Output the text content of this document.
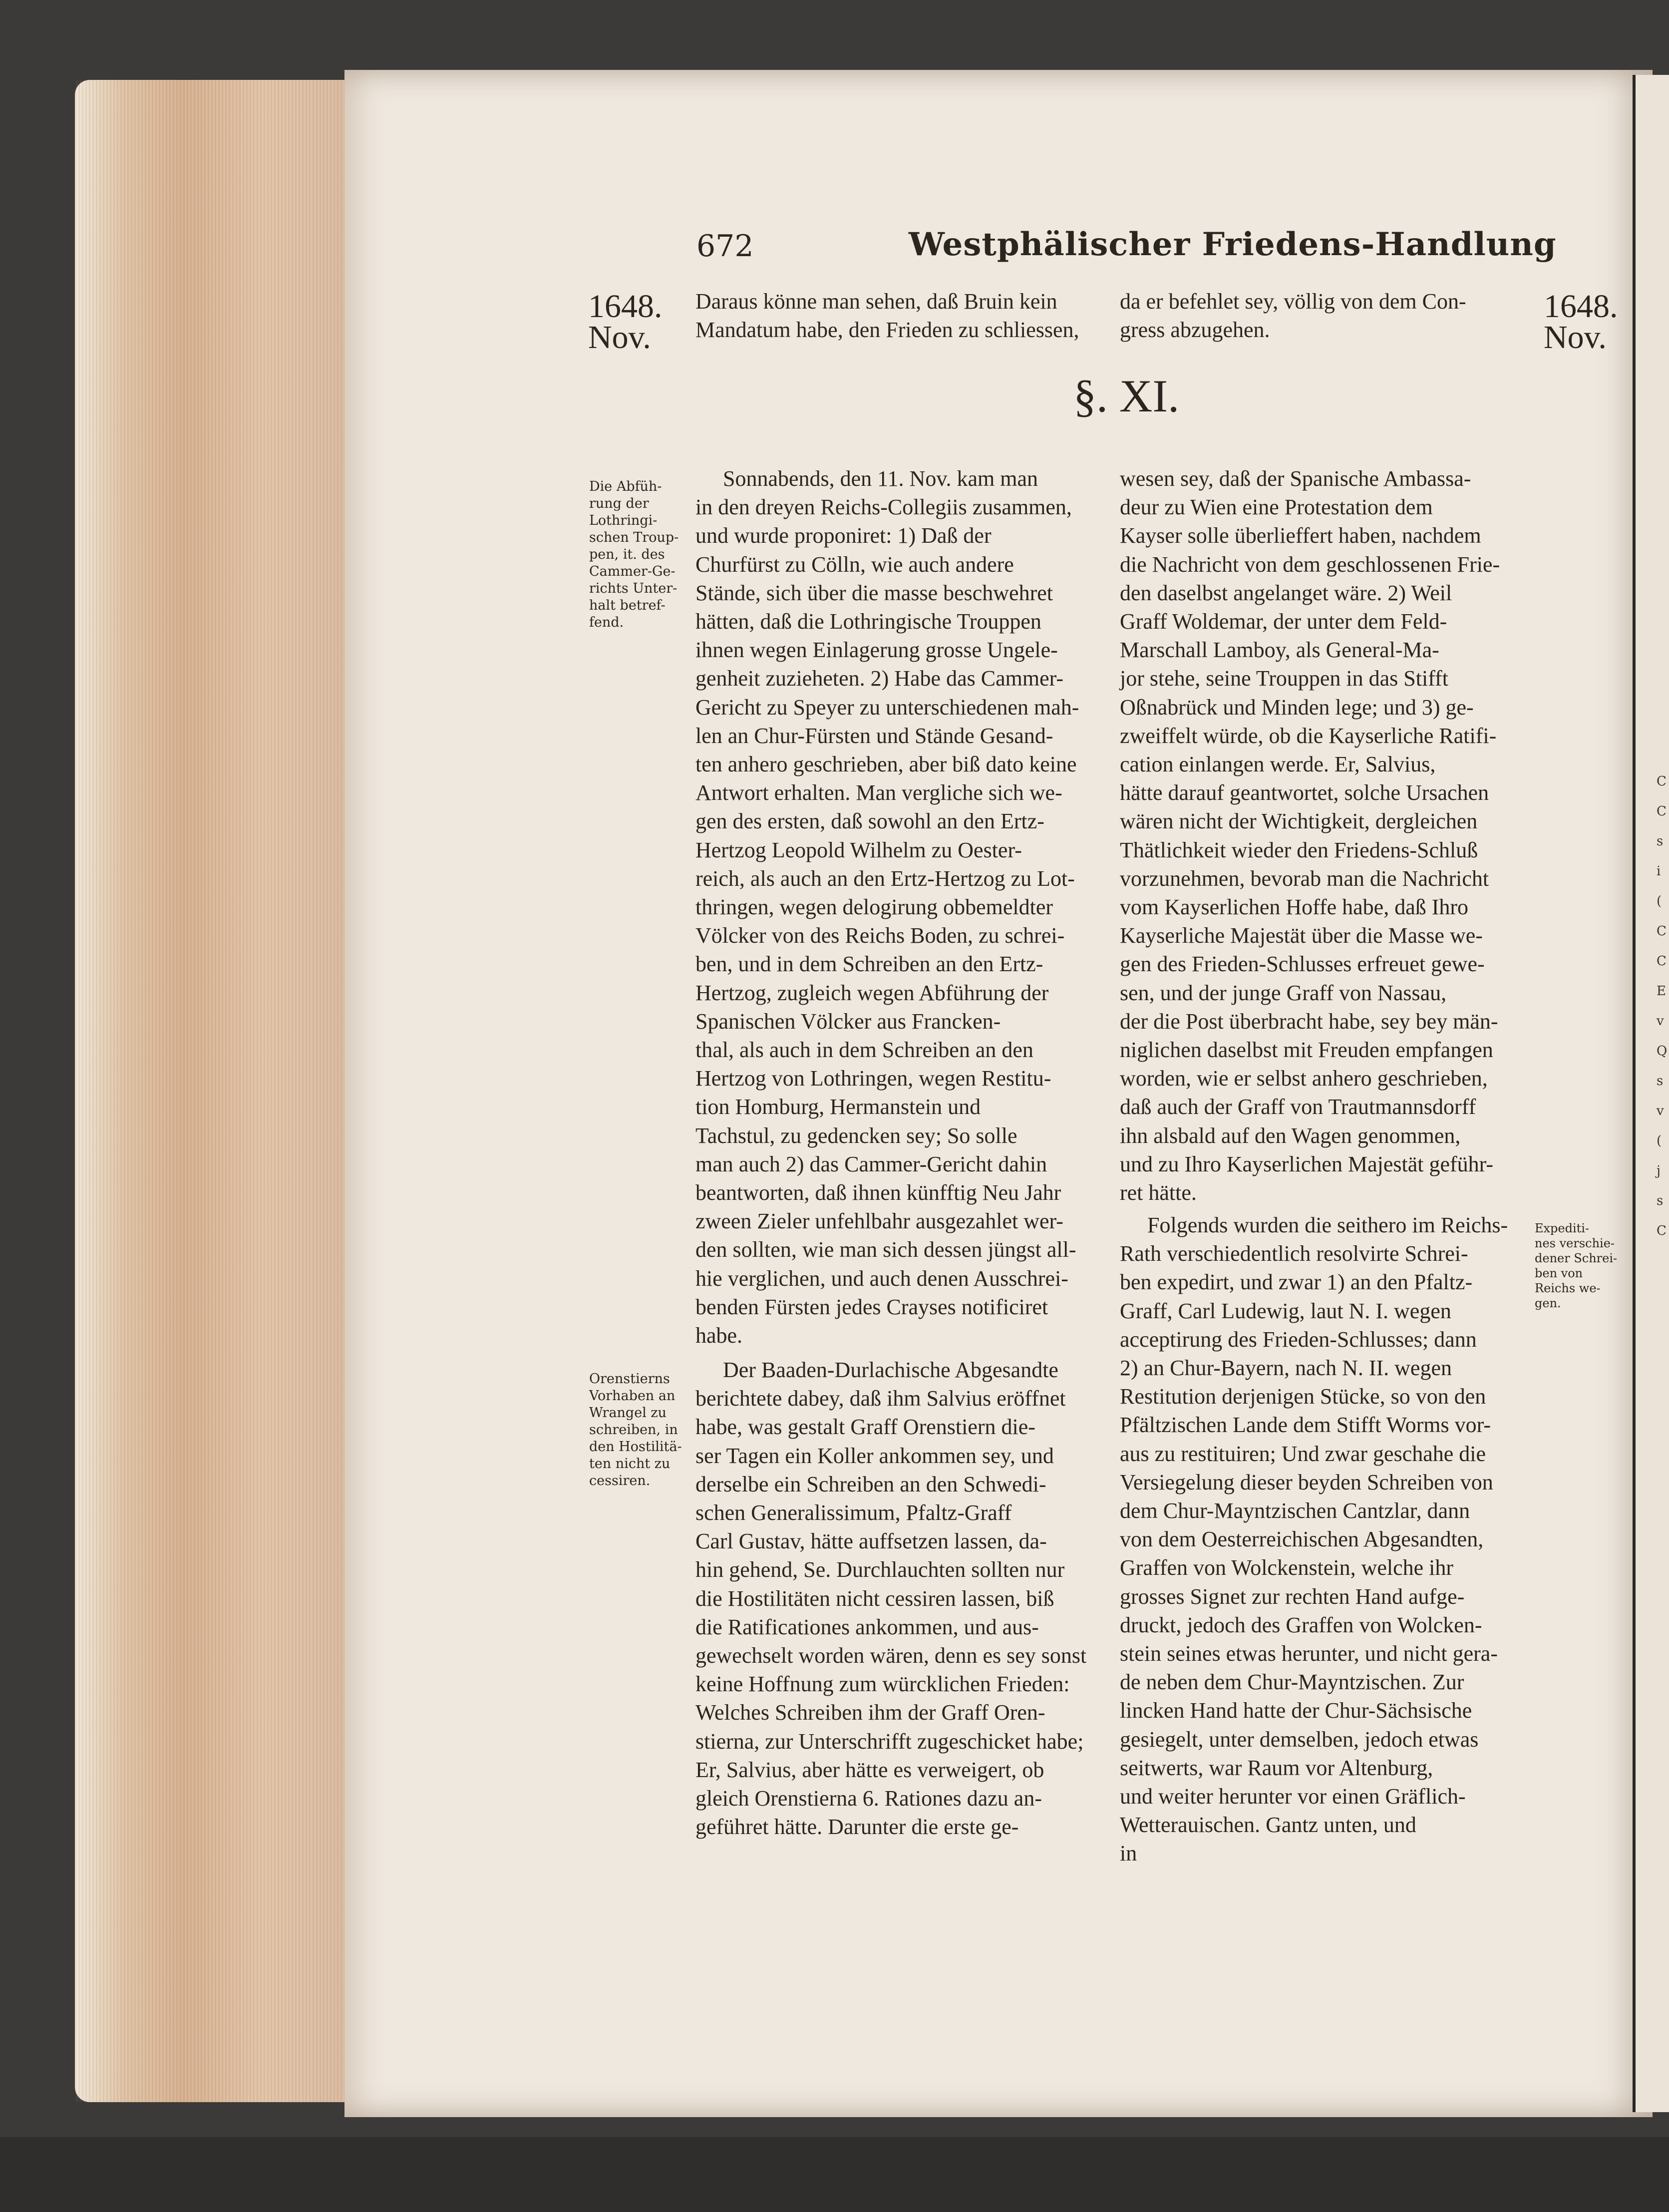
C
C
s
i
(
C
C
E
v
Q
s
v
(
j
s
C
672	Westphälischer Friedens-Handlung
1648.
Nov.
1648.
Nov.
Daraus könne man sehen, daß Bruin kein
Mandatum habe, den Frieden zu schliessen,
da er befehlet sey, völlig von dem Con-
gress abzugehen.
§. XI.
Sonnabends, den 11. Nov. kam man
in den dreyen Reichs-Collegiis zusammen,
und wurde proponiret: 1) Daß der
Churfürst zu Cölln, wie auch andere
Stände, sich über die masse beschwehret
hätten, daß die Lothringische Trouppen
ihnen wegen Einlagerung grosse Ungele-
genheit zuzieheten. 2) Habe das Cammer-
Gericht zu Speyer zu unterschiedenen mah-
len an Chur-Fürsten und Stände Gesand-
ten anhero geschrieben, aber biß dato keine
Antwort erhalten. Man vergliche sich we-
gen des ersten, daß sowohl an den Ertz-
Hertzog Leopold Wilhelm zu Oester-
reich, als auch an den Ertz-Hertzog zu Lot-
thringen, wegen delogirung obbemeldter
Völcker von des Reichs Boden, zu schrei-
ben, und in dem Schreiben an den Ertz-
Hertzog, zugleich wegen Abführung der
Spanischen Völcker aus Francken-
thal, als auch in dem Schreiben an den
Hertzog von Lothringen, wegen Restitu-
tion Homburg, Hermanstein und
Tachstul, zu gedencken sey; So solle
man auch 2) das Cammer-Gericht dahin
beantworten, daß ihnen künfftig Neu Jahr
zween Zieler unfehlbahr ausgezahlet wer-
den sollten, wie man sich dessen jüngst all-
hie verglichen, und auch denen Ausschrei-
benden Fürsten jedes Crayses notificiret
habe.
Der Baaden-Durlachische Abgesandte
berichtete dabey, daß ihm Salvius eröffnet
habe, was gestalt Graff Orenstiern die-
ser Tagen ein Koller ankommen sey, und
derselbe ein Schreiben an den Schwedi-
schen Generalissimum, Pfaltz-Graff
Carl Gustav, hätte auffsetzen lassen, da-
hin gehend, Se. Durchlauchten sollten nur
die Hostilitäten nicht cessiren lassen, biß
die Ratificationes ankommen, und aus-
gewechselt worden wären, denn es sey sonst
keine Hoffnung zum würcklichen Frieden:
Welches Schreiben ihm der Graff Oren-
stierna, zur Unterschrifft zugeschicket habe;
Er, Salvius, aber hätte es verweigert, ob
gleich Orenstierna 6. Rationes dazu an-
geführet hätte. Darunter die erste ge-
wesen sey, daß der Spanische Ambassa-
deur zu Wien eine Protestation dem
Kayser solle überlieffert haben, nachdem
die Nachricht von dem geschlossenen Frie-
den daselbst angelanget wäre. 2) Weil
Graff Woldemar, der unter dem Feld-
Marschall Lamboy, als General-Ma-
jor stehe, seine Trouppen in das Stifft
Oßnabrück und Minden lege; und 3) ge-
zweiffelt würde, ob die Kayserliche Ratifi-
cation einlangen werde. Er, Salvius,
hätte darauf geantwortet, solche Ursachen
wären nicht der Wichtigkeit, dergleichen
Thätlichkeit wieder den Friedens-Schluß
vorzunehmen, bevorab man die Nachricht
vom Kayserlichen Hoffe habe, daß Ihro
Kayserliche Majestät über die Masse we-
gen des Frieden-Schlusses erfreuet gewe-
sen, und der junge Graff von Nassau,
der die Post überbracht habe, sey bey män-
niglichen daselbst mit Freuden empfangen
worden, wie er selbst anhero geschrieben,
daß auch der Graff von Trautmannsdorff
ihn alsbald auf den Wagen genommen,
und zu Ihro Kayserlichen Majestät geführ-
ret hätte.
Folgends wurden die seithero im Reichs-
Rath verschiedentlich resolvirte Schrei-
ben expedirt, und zwar 1) an den Pfaltz-
Graff, Carl Ludewig, laut N. I. wegen
acceptirung des Frieden-Schlusses; dann
2) an Chur-Bayern, nach N. II. wegen
Restitution derjenigen Stücke, so von den
Pfältzischen Lande dem Stifft Worms vor-
aus zu restituiren; Und zwar geschahe die
Versiegelung dieser beyden Schreiben von
dem Chur-Mayntzischen Cantzlar, dann
von dem Oesterreichischen Abgesandten,
Graffen von Wolckenstein, welche ihr
grosses Signet zur rechten Hand aufge-
druckt, jedoch des Graffen von Wolcken-
stein seines etwas herunter, und nicht gera-
de neben dem Chur-Mayntzischen. Zur
lincken Hand hatte der Chur-Sächsische
gesiegelt, unter demselben, jedoch etwas
seitwerts, war Raum vor Altenburg,
und weiter herunter vor einen Gräflich-
Wetterauischen. Gantz unten, und
in
Die Abfüh-
rung der
Lothringi-
schen Troup-
pen, it. des
Cammer-Ge-
richts Unter-
halt betref-
fend.
Orenstierns
Vorhaben an
Wrangel zu
schreiben, in
den Hostilitä-
ten nicht zu
cessiren.
Expediti-
nes verschie-
dener Schrei-
ben von
Reichs we-
gen.
